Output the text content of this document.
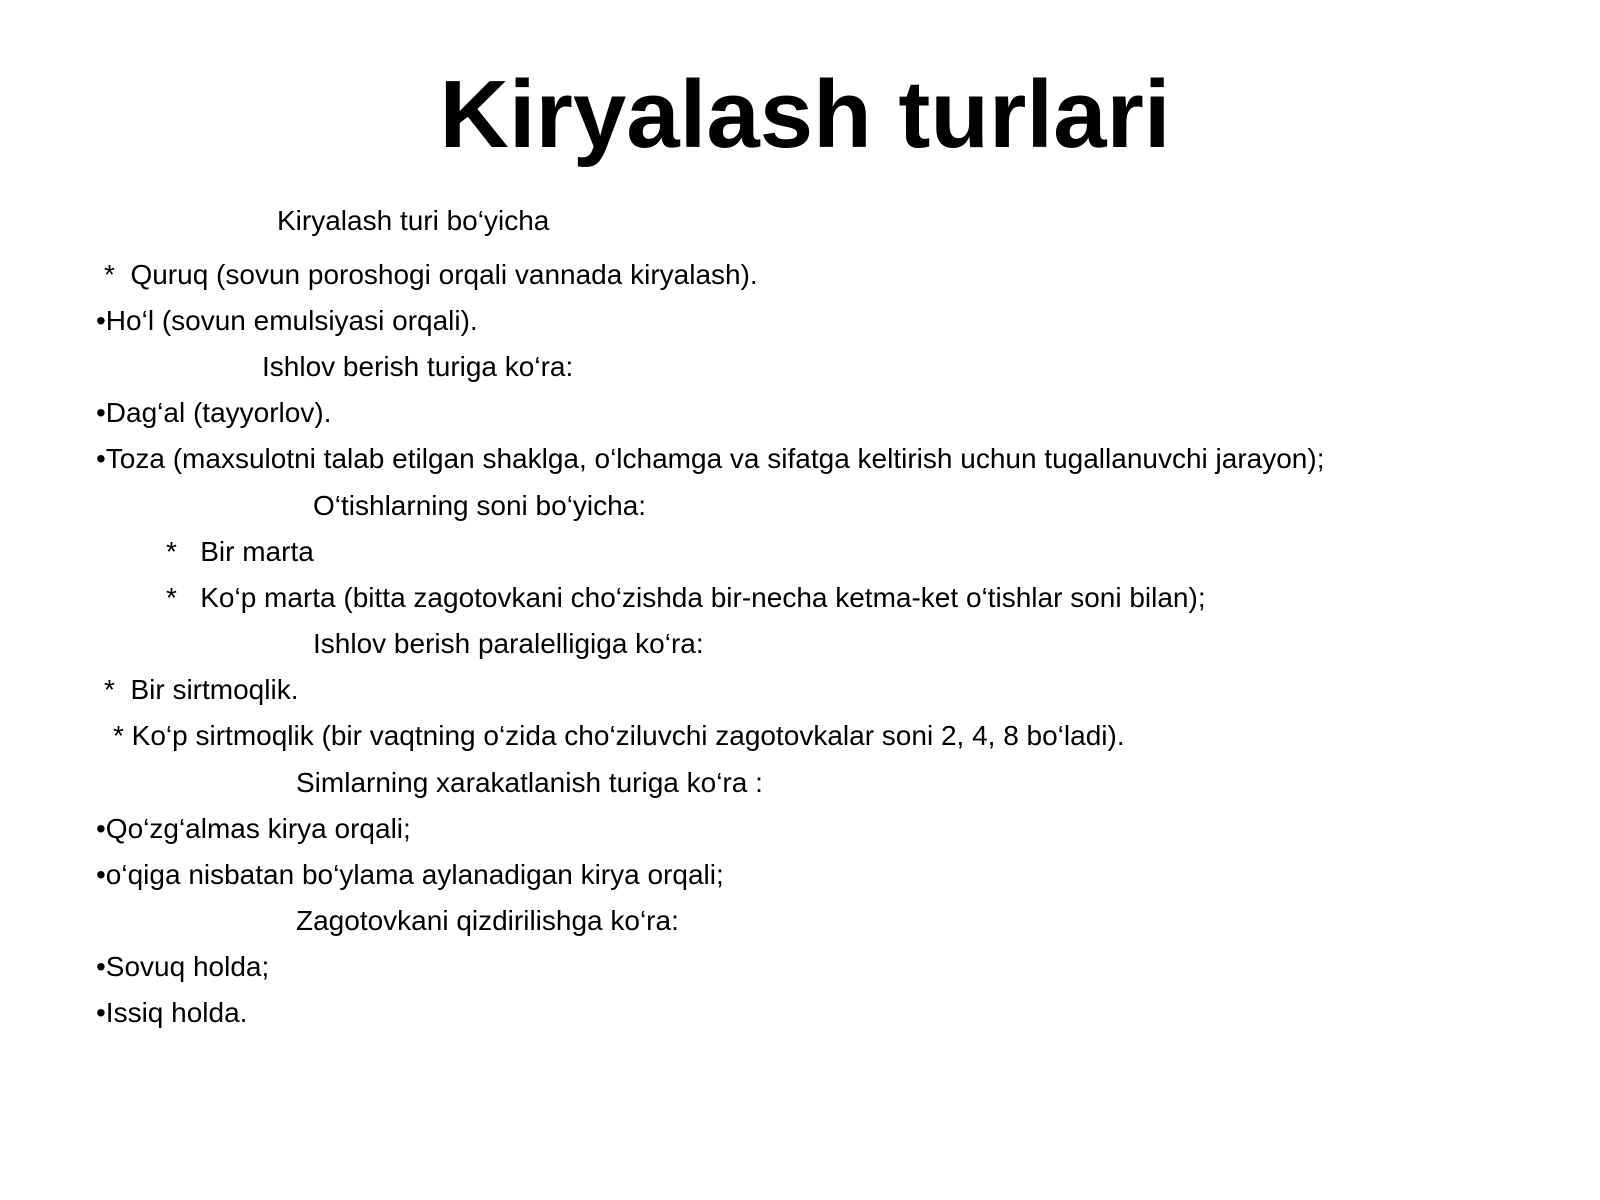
Kiryalash turlari

Kiryalash turi bo‘yicha

*  Quruq (sovun poroshogi orqali vannada kiryalash).

•Ho‘l (sovun emulsiyasi orqali).

Ishlov berish turiga ko‘ra:

•Dag‘al (tayyorlov).

•Toza (maxsulotni talab etilgan shaklga, o‘lchamga va sifatga keltirish uchun tugallanuvchi jarayon);

O‘tishlarning soni bo‘yicha:

*   Bir marta

*   Ko‘p marta (bitta zagotovkani cho‘zishda bir-necha ketma-ket o‘tishlar soni bilan);

Ishlov berish paralelligiga ko‘ra:

*  Bir sirtmoqlik.

* Ko‘p sirtmoqlik (bir vaqtning o‘zida cho‘ziluvchi zagotovkalar soni 2, 4, 8 bo‘ladi).

Simlarning xarakatlanish turiga ko‘ra :

•Qo‘zg‘almas kirya orqali;

•o‘qiga nisbatan bo‘ylama aylanadigan kirya orqali;

Zagotovkani qizdirilishga ko‘ra:

•Sovuq holda;

•Issiq holda.
